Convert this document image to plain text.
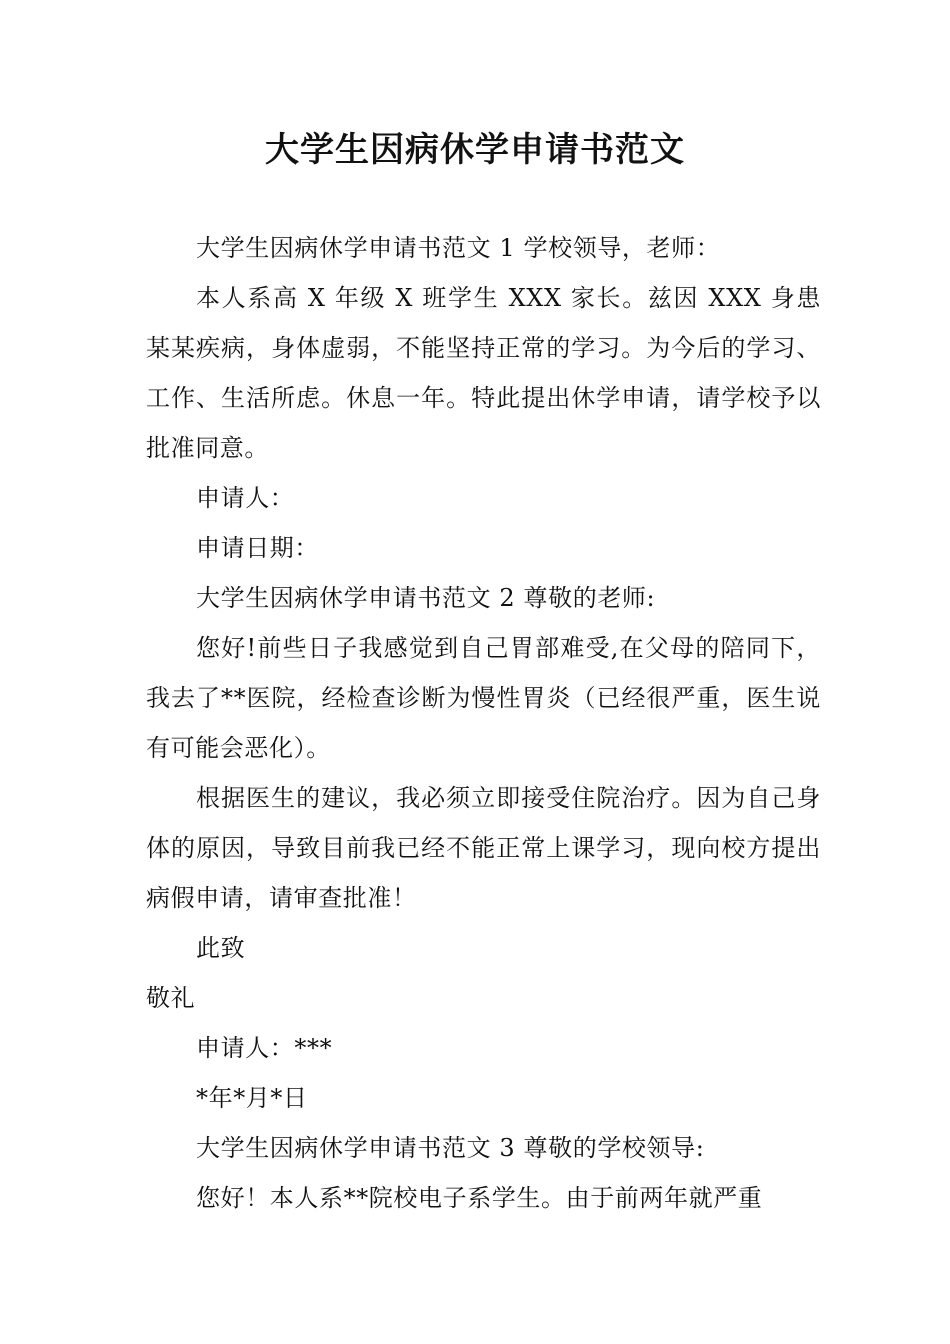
大学生因病休学申请书范文

大学生因病休学申请书范文 1 学校领导，老师：

本人系高 X 年级 X 班学生 XXX 家长。兹因 XXX 身患某某疾病，身体虚弱，不能坚持正常的学习。为今后的学习、工作、生活所虑。休息一年。特此提出休学申请，请学校予以批准同意。

申请人：

申请日期：

大学生因病休学申请书范文 2 尊敬的老师:

您好!前些日子我感觉到自己胃部难受,在父母的陪同下，我去了**医院，经检查诊断为慢性胃炎（已经很严重，医生说有可能会恶化）。

根据医生的建议，我必须立即接受住院治疗。因为自己身体的原因，导致目前我已经不能正常上课学习，现向校方提出病假申请，请审查批准！

此致

敬礼

申请人：***

*年*月*日

大学生因病休学申请书范文 3 尊敬的学校领导:

您好！本人系**院校电子系学生。由于前两年就严重
